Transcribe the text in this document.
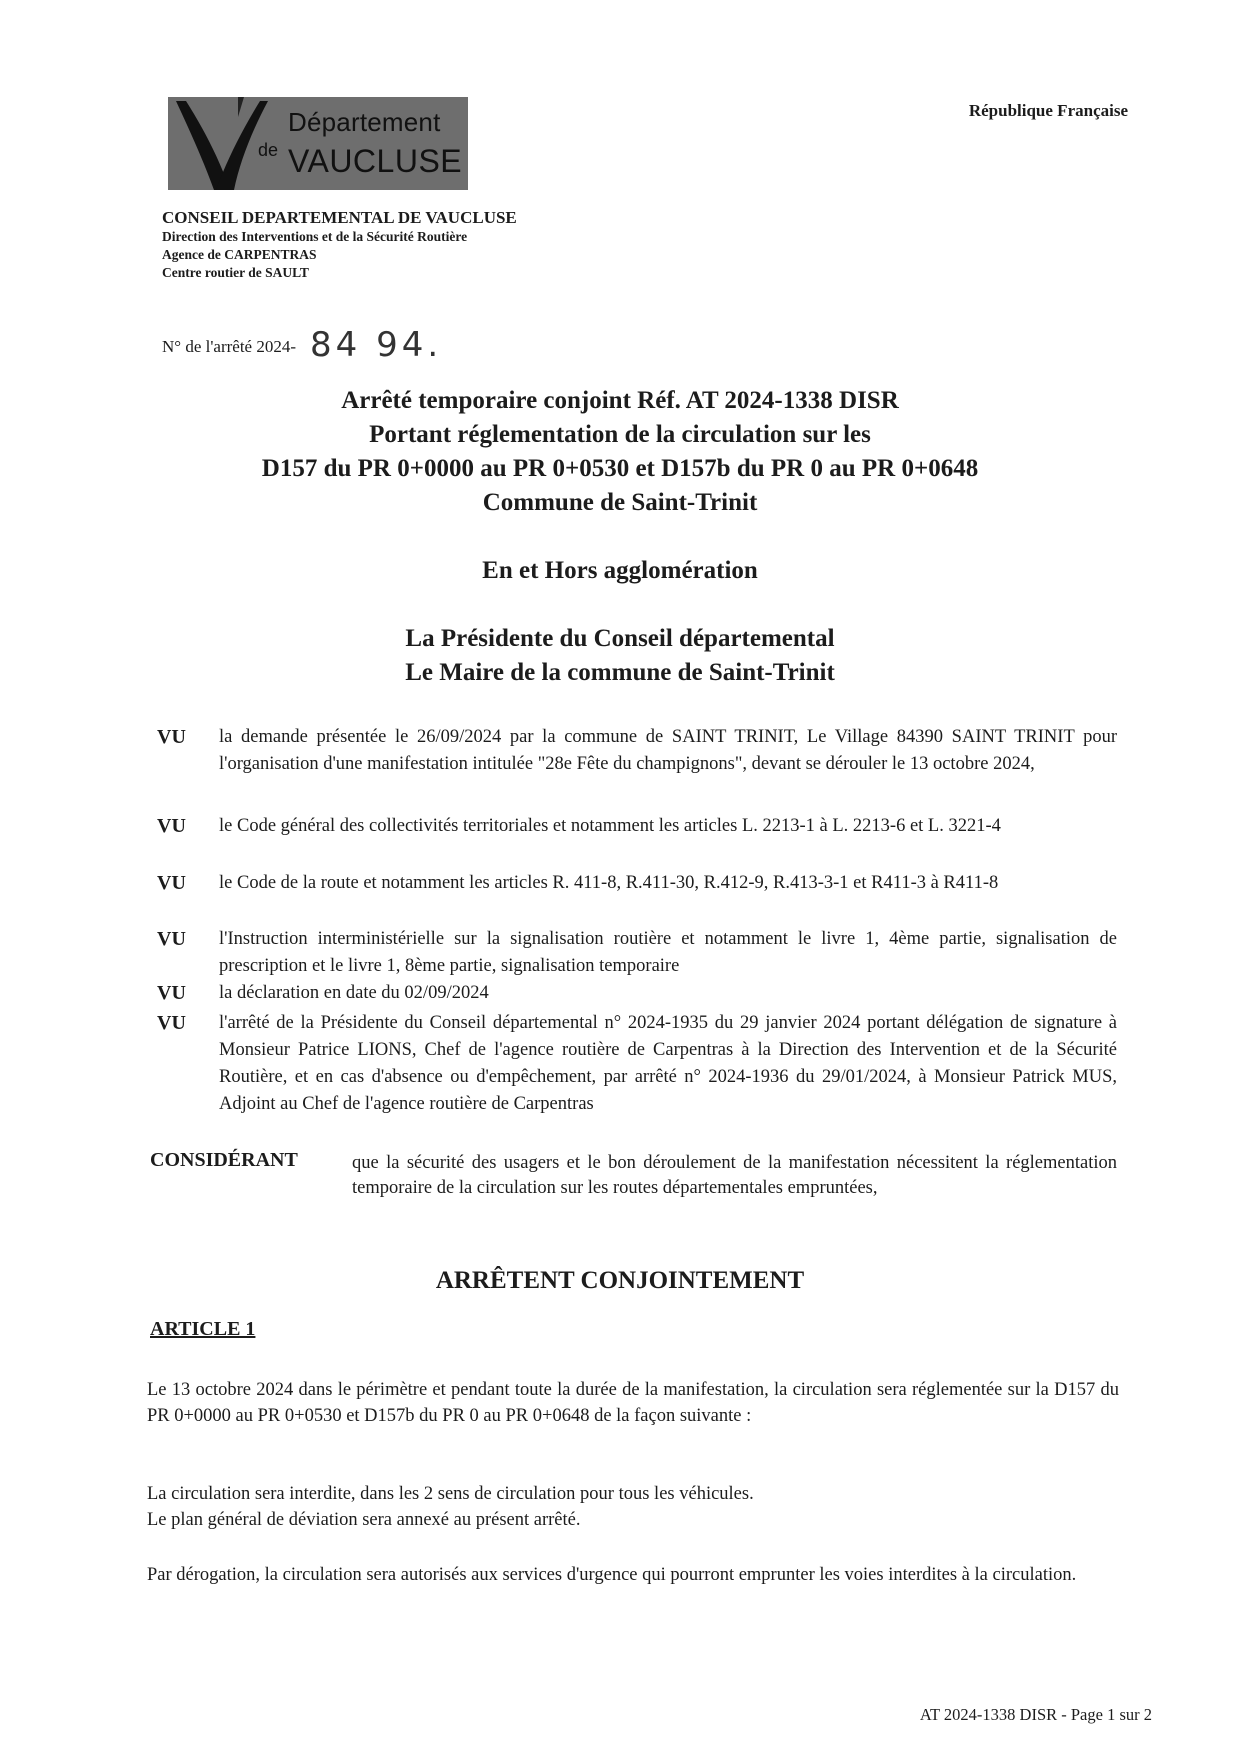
Département
de VAUCLUSE
République Française
CONSEIL DEPARTEMENTAL DE VAUCLUSE
Direction des Interventions et de la Sécurité Routière
Agence de CARPENTRAS
Centre routier de SAULT
N° de l'arrêté 2024- 84 94.
Arrêté temporaire conjoint Réf. AT 2024-1338 DISR
Portant réglementation de la circulation sur les
D157 du PR 0+0000 au PR 0+0530 et D157b du PR 0 au PR 0+0648
Commune de Saint-Trinit
En et Hors agglomération
La Présidente du Conseil départemental
Le Maire de la commune de Saint-Trinit
VU la demande présentée le 26/09/2024 par la commune de SAINT TRINIT, Le Village 84390 SAINT TRINIT pour l'organisation d'une manifestation intitulée "28e Fête du champignons", devant se dérouler le 13 octobre 2024,
VU le Code général des collectivités territoriales et notamment les articles L. 2213-1 à L. 2213-6 et L. 3221-4
VU le Code de la route et notamment les articles R. 411-8, R.411-30, R.412-9, R.413-3-1 et R411-3 à R411-8
VU l'Instruction interministérielle sur la signalisation routière et notamment le livre 1, 4ème partie, signalisation de prescription et le livre 1, 8ème partie, signalisation temporaire
VU la déclaration en date du 02/09/2024
VU l'arrêté de la Présidente du Conseil départemental n° 2024-1935 du 29 janvier 2024 portant délégation de signature à Monsieur Patrice LIONS, Chef de l'agence routière de Carpentras à la Direction des Intervention et de la Sécurité Routière, et en cas d'absence ou d'empêchement, par arrêté n° 2024-1936 du 29/01/2024, à Monsieur Patrick MUS, Adjoint au Chef de l'agence routière de Carpentras
CONSIDÉRANT	que la sécurité des usagers et le bon déroulement de la manifestation nécessitent la réglementation temporaire de la circulation sur les routes départementales empruntées,
ARRÊTENT CONJOINTEMENT
ARTICLE 1
Le 13 octobre 2024 dans le périmètre et pendant toute la durée de la manifestation, la circulation sera réglementée sur la D157 du PR 0+0000 au PR 0+0530 et D157b du PR 0 au PR 0+0648 de la façon suivante :
La circulation sera interdite, dans les 2 sens de circulation pour tous les véhicules.
Le plan général de déviation sera annexé au présent arrêté.
Par dérogation, la circulation sera autorisés aux services d'urgence qui pourront emprunter les voies interdites à la circulation.
AT 2024-1338 DISR - Page 1 sur 2
